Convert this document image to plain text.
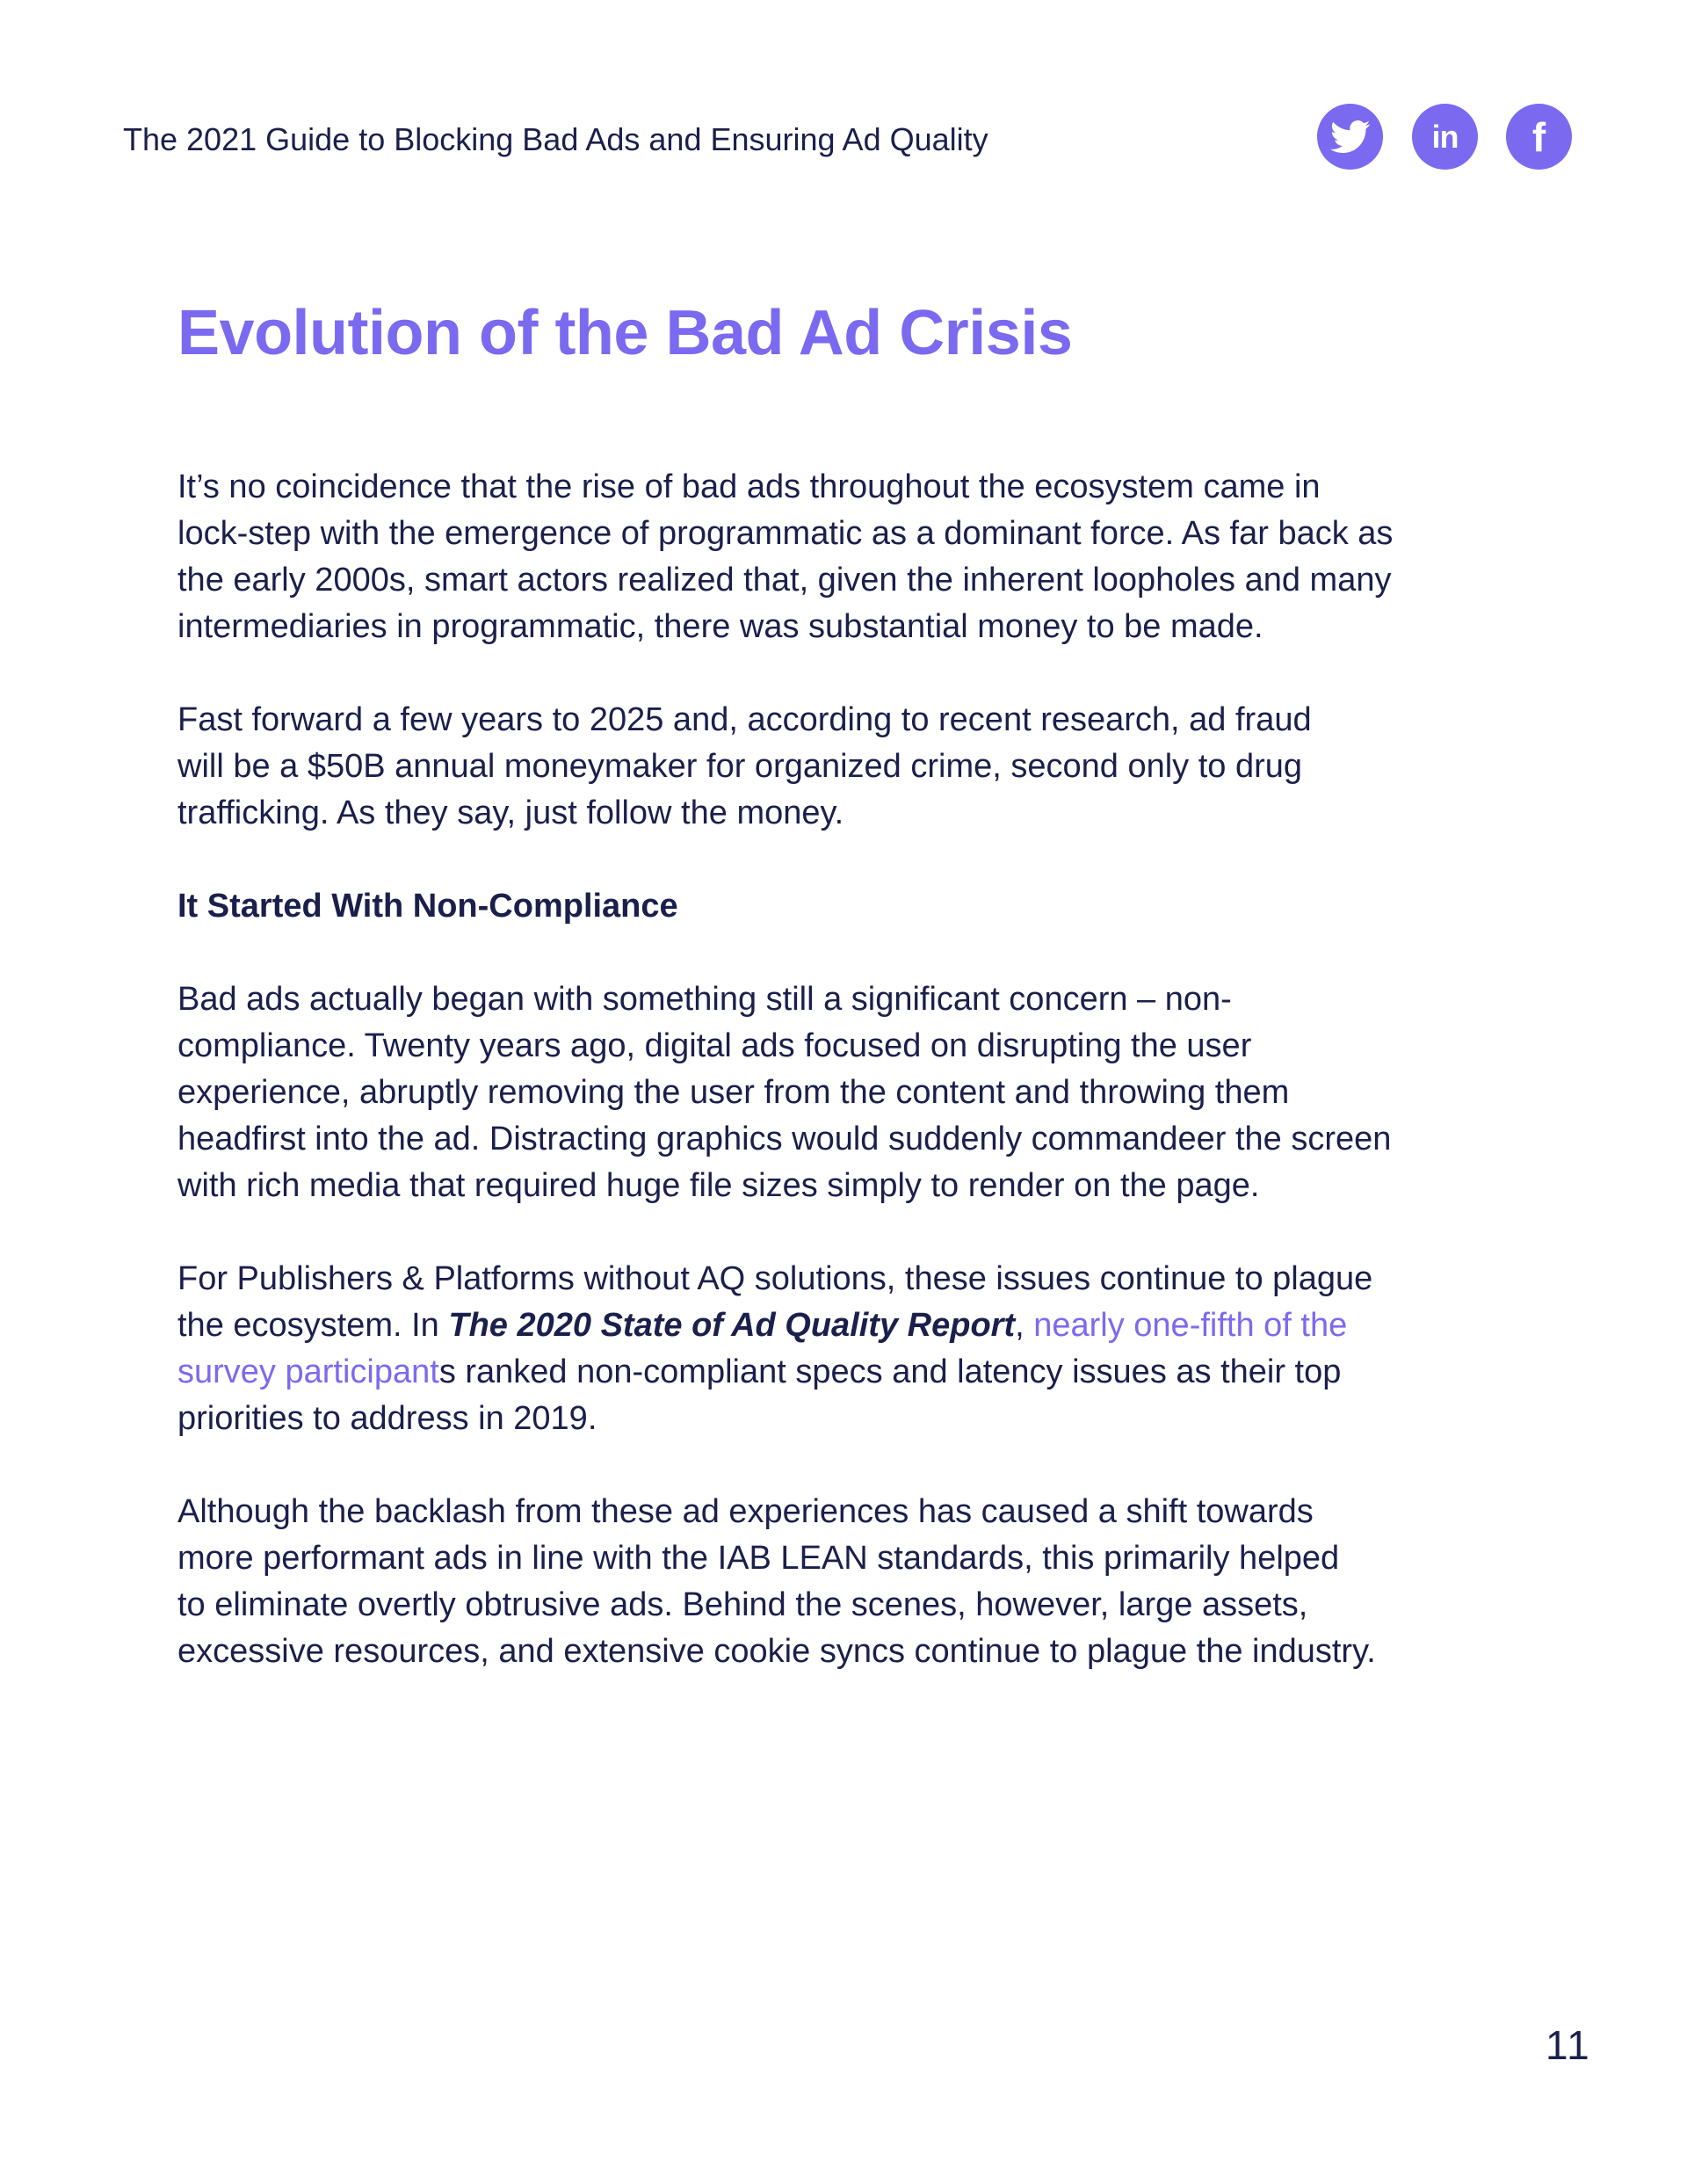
The 2021 Guide to Blocking Bad Ads and Ensuring Ad Quality	in f
Evolution of the Bad Ad Crisis

It’s no coincidence that the rise of bad ads throughout the ecosystem came in
lock-step with the emergence of programmatic as a dominant force. As far back as
the early 2000s, smart actors realized that, given the inherent loopholes and many
intermediaries in programmatic, there was substantial money to be made.

Fast forward a few years to 2025 and, according to recent research, ad fraud
will be a $50B annual moneymaker for organized crime, second only to drug
trafficking. As they say, just follow the money.

It Started With Non-Compliance

Bad ads actually began with something still a significant concern – non-
compliance. Twenty years ago, digital ads focused on disrupting the user
experience, abruptly removing the user from the content and throwing them
headfirst into the ad. Distracting graphics would suddenly commandeer the screen
with rich media that required huge file sizes simply to render on the page.

For Publishers & Platforms without AQ solutions, these issues continue to plague
the ecosystem. In The 2020 State of Ad Quality Report, nearly one-fifth of the
survey participants ranked non-compliant specs and latency issues as their top
priorities to address in 2019.

Although the backlash from these ad experiences has caused a shift towards
more performant ads in line with the IAB LEAN standards, this primarily helped
to eliminate overtly obtrusive ads. Behind the scenes, however, large assets,
excessive resources, and extensive cookie syncs continue to plague the industry.

11
